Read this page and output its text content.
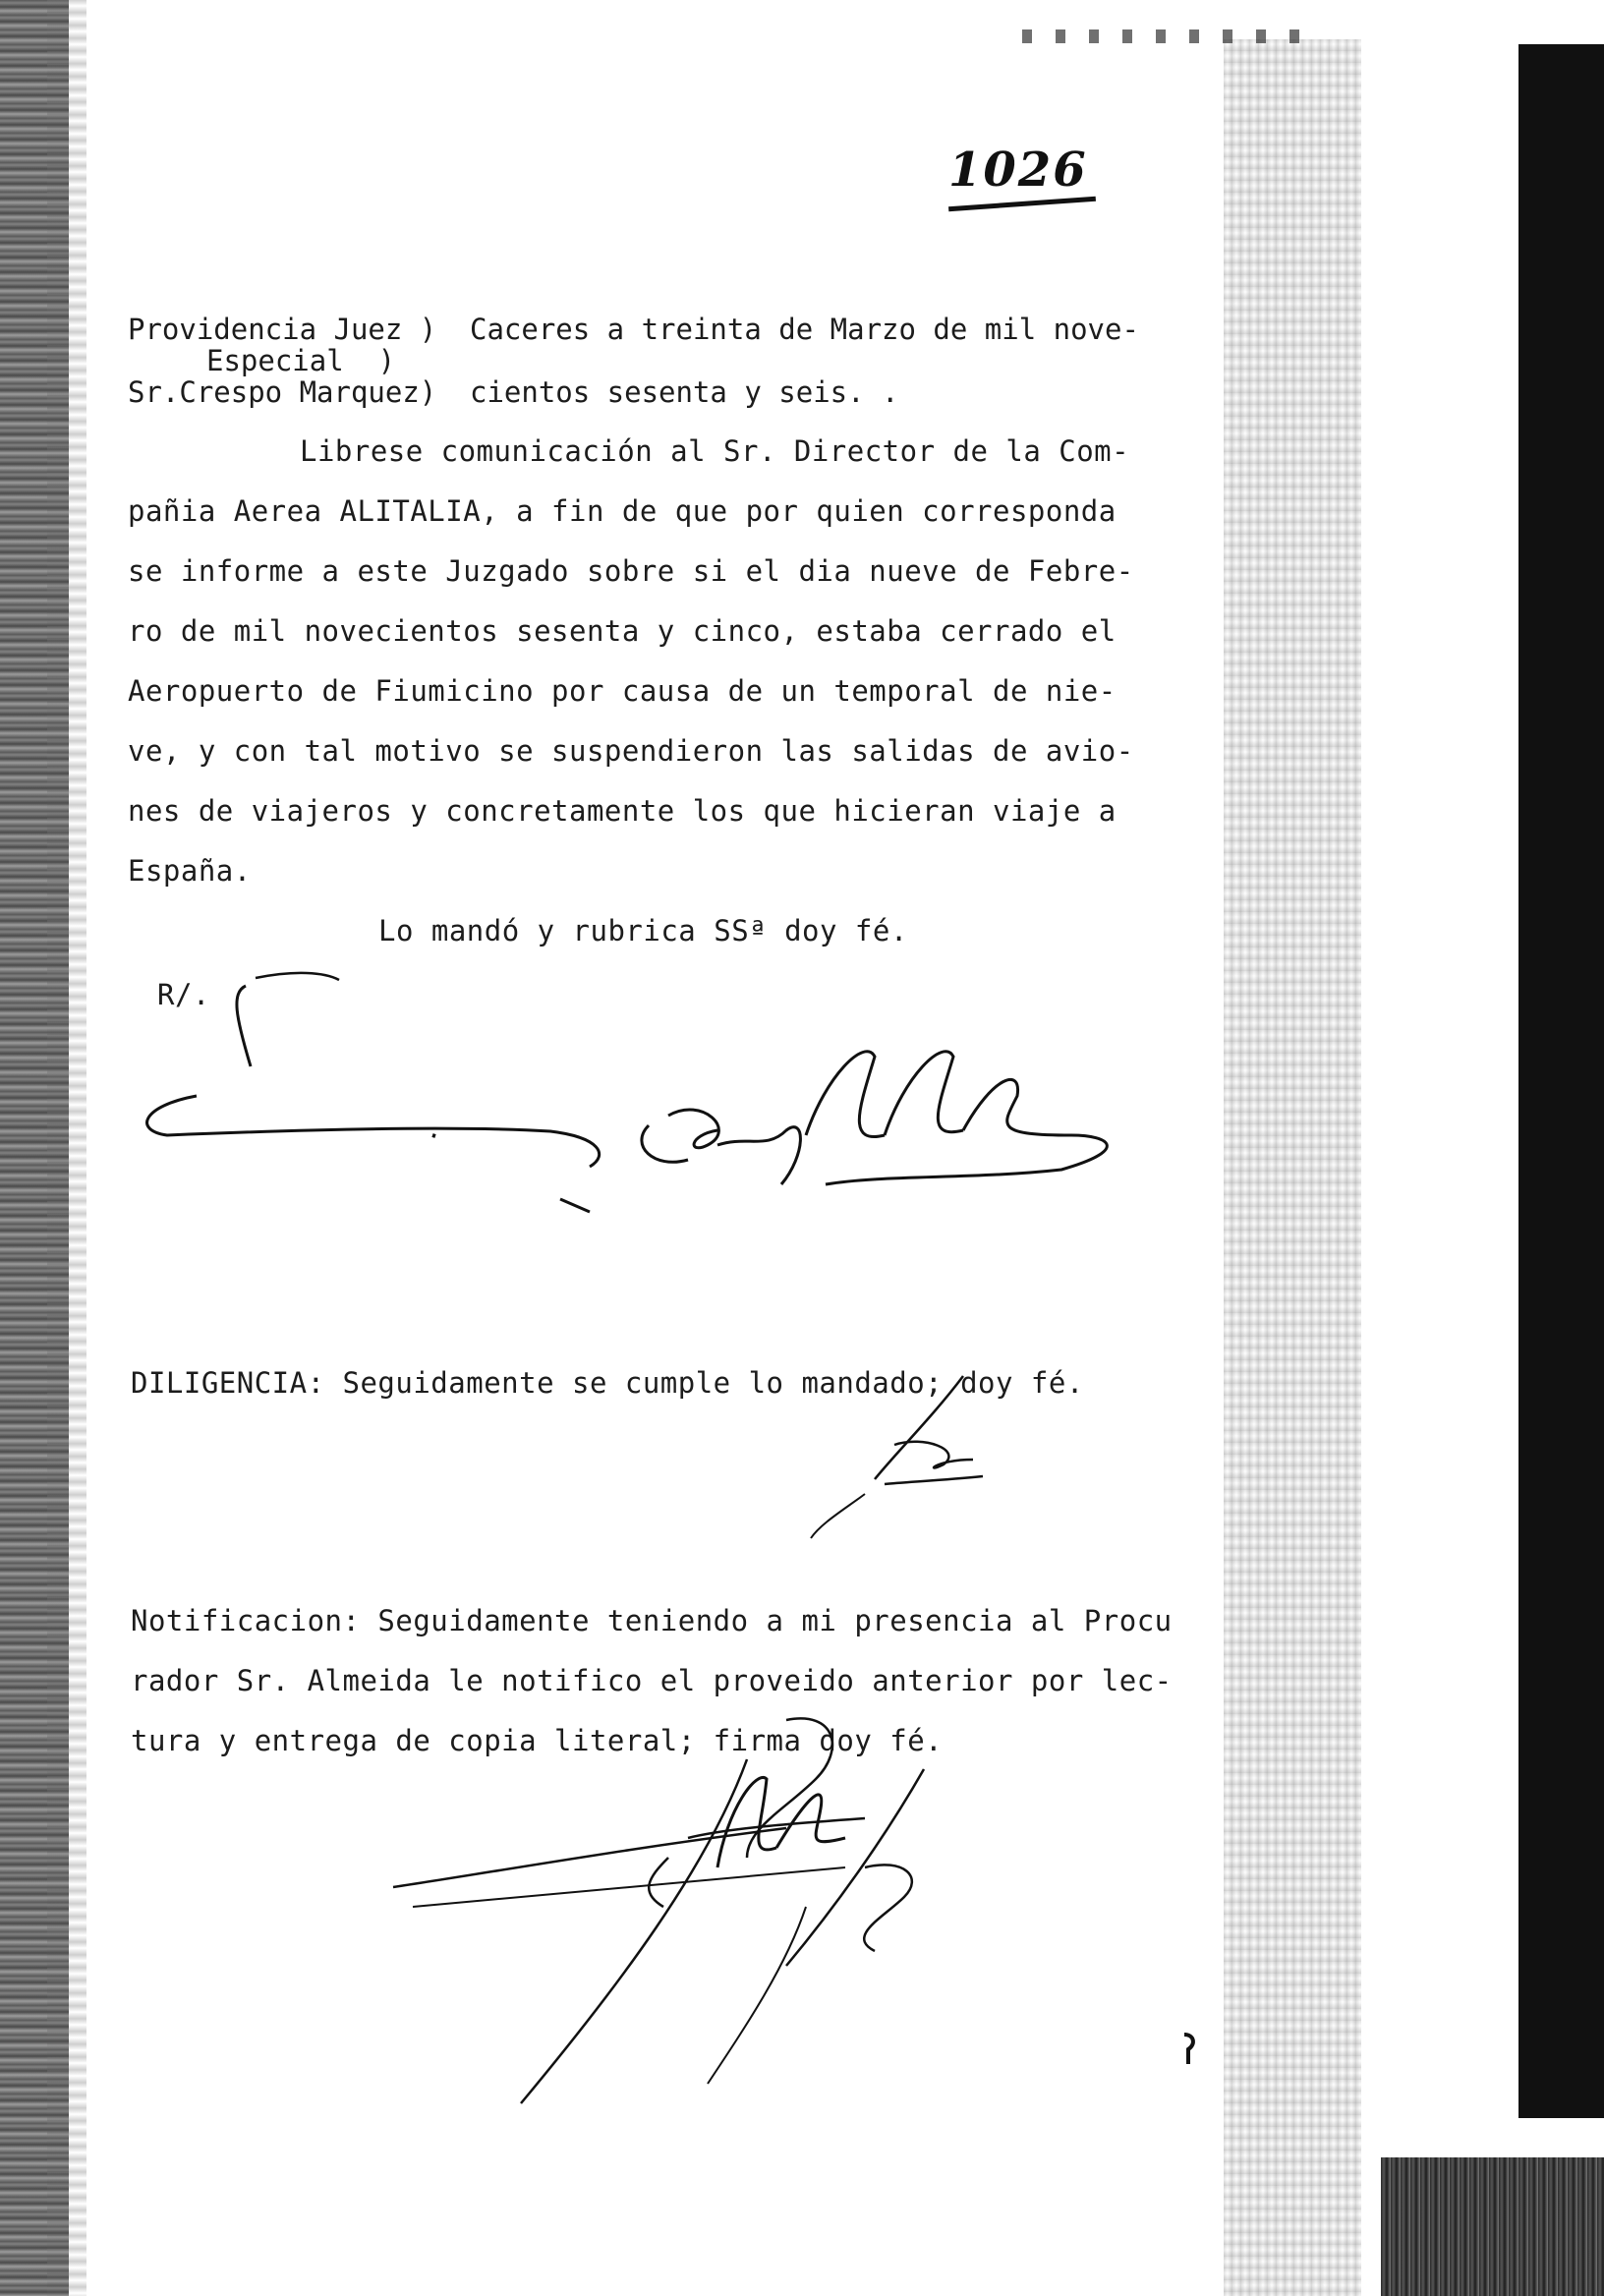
1026
Providencia Juez )
Especial  )
Sr.Crespo Marquez)
Caceres a treinta de Marzo de mil nove-
cientos sesenta y seis. .
Librese comunicación al Sr. Director de la Com-
pañia Aerea ALITALIA, a fin de que por quien corresponda
se informe a este Juzgado sobre si el dia nueve de Febre-
ro de mil novecientos sesenta y cinco, estaba cerrado el
Aeropuerto de Fiumicino por causa de un temporal de nie-
ve, y con tal motivo se suspendieron las salidas de avio-
nes de viajeros y concretamente los que hicieran viaje a
España.
Lo mandó y rubrica SSª doy fé.
R/.
DILIGENCIA: Seguidamente se cumple lo mandado; doy fé.
Notificacion: Seguidamente teniendo a mi presencia al Procu
rador Sr. Almeida le notifico el proveido anterior por lec-
tura y entrega de copia literal; firma doy fé.
